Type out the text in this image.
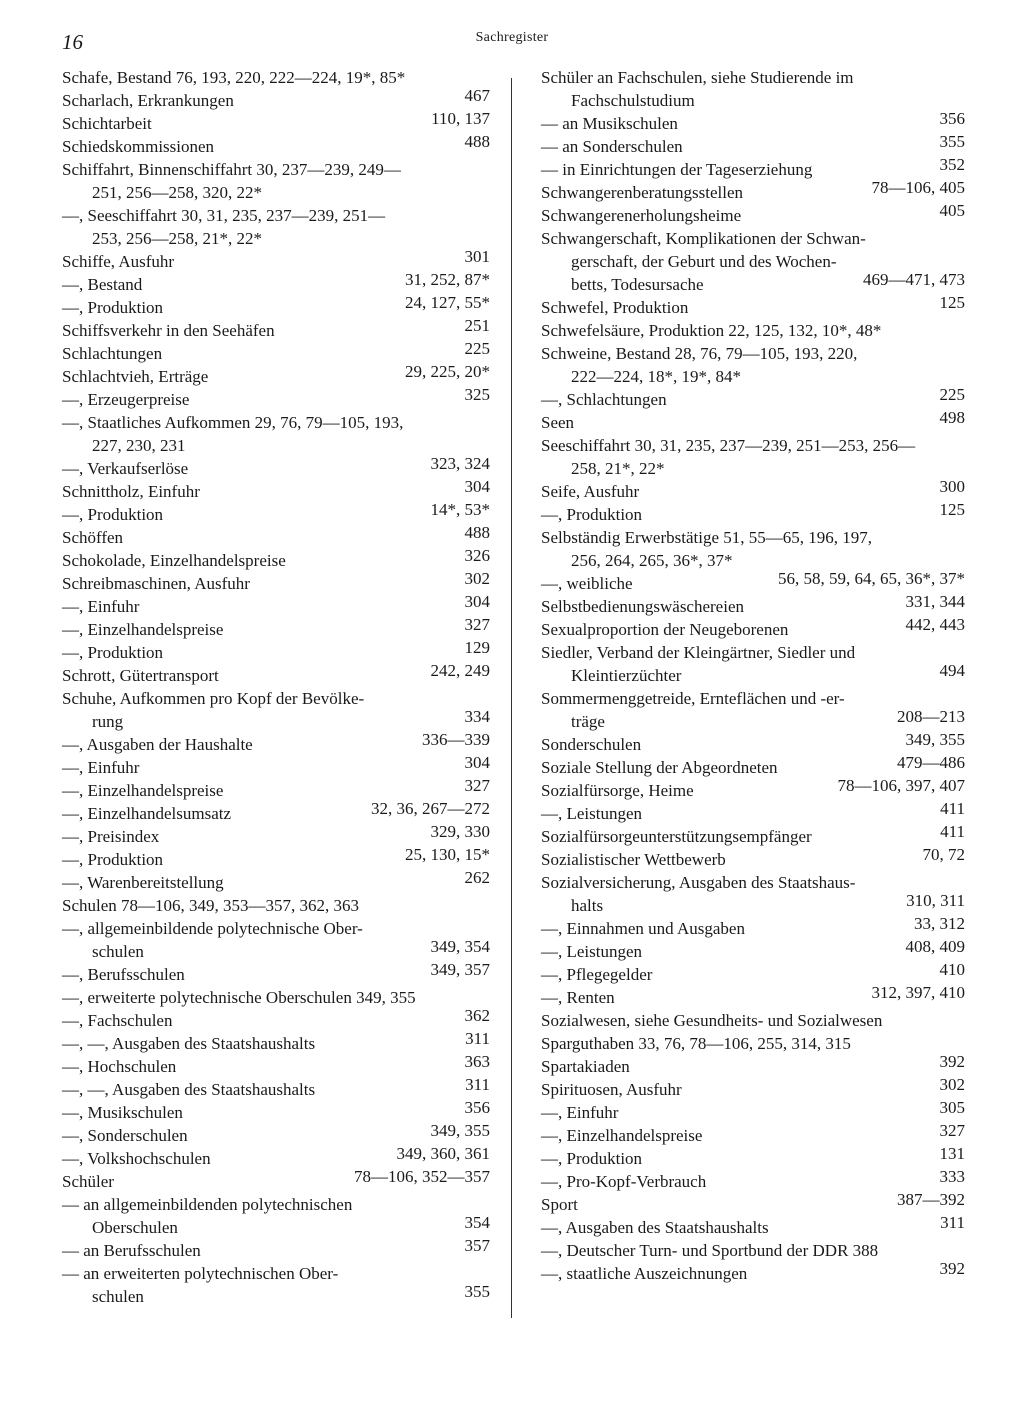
16	Sachregister
Schafe, Bestand 76, 193, 220, 222—224, 19*, 85*
Scharlach, Erkrankungen	467
Schichtarbeit	110, 137
Schiedskommissionen	488
Schiffahrt, Binnenschiffahrt 30, 237—239, 249—
251, 256—258, 320, 22*
—, Seeschiffahrt 30, 31, 235, 237—239, 251—
253, 256—258, 21*, 22*
Schiffe, Ausfuhr	301
—, Bestand	31, 252, 87*
—, Produktion	24, 127, 55*
Schiffsverkehr in den Seehäfen	251
Schlachtungen	225
Schlachtvieh, Erträge	29, 225, 20*
—, Erzeugerpreise	325
—, Staatliches Aufkommen 29, 76, 79—105, 193,
227, 230, 231
—, Verkaufserlöse	323, 324
Schnittholz, Einfuhr	304
—, Produktion	14*, 53*
Schöffen	488
Schokolade, Einzelhandelspreise	326
Schreibmaschinen, Ausfuhr	302
—, Einfuhr	304
—, Einzelhandelspreise	327
—, Produktion	129
Schrott, Gütertransport	242, 249
Schuhe, Aufkommen pro Kopf der Bevölke-
rung	334
—, Ausgaben der Haushalte	336—339
—, Einfuhr	304
—, Einzelhandelspreise	327
—, Einzelhandelsumsatz	32, 36, 267—272
—, Preisindex	329, 330
—, Produktion	25, 130, 15*
—, Warenbereitstellung	262
Schulen 78—106, 349, 353—357, 362, 363
—, allgemeinbildende polytechnische Ober-
schulen	349, 354
—, Berufsschulen	349, 357
—, erweiterte polytechnische Oberschulen 349, 355
—, Fachschulen	362
—, —, Ausgaben des Staatshaushalts	311
—, Hochschulen	363
—, —, Ausgaben des Staatshaushalts	311
—, Musikschulen	356
—, Sonderschulen	349, 355
—, Volkshochschulen	349, 360, 361
Schüler	78—106, 352—357
— an allgemeinbildenden polytechnischen
Oberschulen	354
— an Berufsschulen	357
— an erweiterten polytechnischen Ober-
schulen	355
Schüler an Fachschulen, siehe Studierende im
Fachschulstudium
— an Musikschulen	356
— an Sonderschulen	355
— in Einrichtungen der Tageserziehung	352
Schwangerenberatungsstellen	78—106, 405
Schwangerenerholungsheime	405
Schwangerschaft, Komplikationen der Schwan-
gerschaft, der Geburt und des Wochen-
betts, Todesursache	469—471, 473
Schwefel, Produktion	125
Schwefelsäure, Produktion 22, 125, 132, 10*, 48*
Schweine, Bestand 28, 76, 79—105, 193, 220,
222—224, 18*, 19*, 84*
—, Schlachtungen	225
Seen	498
Seeschiffahrt 30, 31, 235, 237—239, 251—253, 256—
258, 21*, 22*
Seife, Ausfuhr	300
—, Produktion	125
Selbständig Erwerbstätige 51, 55—65, 196, 197,
256, 264, 265, 36*, 37*
—, weibliche	56, 58, 59, 64, 65, 36*, 37*
Selbstbedienungswäschereien	331, 344
Sexualproportion der Neugeborenen	442, 443
Siedler, Verband der Kleingärtner, Siedler und
Kleintierzüchter	494
Sommermenggetreide, Ernteflächen und -er-
träge	208—213
Sonderschulen	349, 355
Soziale Stellung der Abgeordneten	479—486
Sozialfürsorge, Heime	78—106, 397, 407
—, Leistungen	411
Sozialfürsorgeunterstützungsempfänger	411
Sozialistischer Wettbewerb	70, 72
Sozialversicherung, Ausgaben des Staatshaus-
halts	310, 311
—, Einnahmen und Ausgaben	33, 312
—, Leistungen	408, 409
—, Pflegegelder	410
—, Renten	312, 397, 410
Sozialwesen, siehe Gesundheits- und Sozialwesen
Sparguthaben 33, 76, 78—106, 255, 314, 315
Spartakiaden	392
Spirituosen, Ausfuhr	302
—, Einfuhr	305
—, Einzelhandelspreise	327
—, Produktion	131
—, Pro-Kopf-Verbrauch	333
Sport	387—392
—, Ausgaben des Staatshaushalts	311
—, Deutscher Turn- und Sportbund der DDR 388
—, staatliche Auszeichnungen	392
